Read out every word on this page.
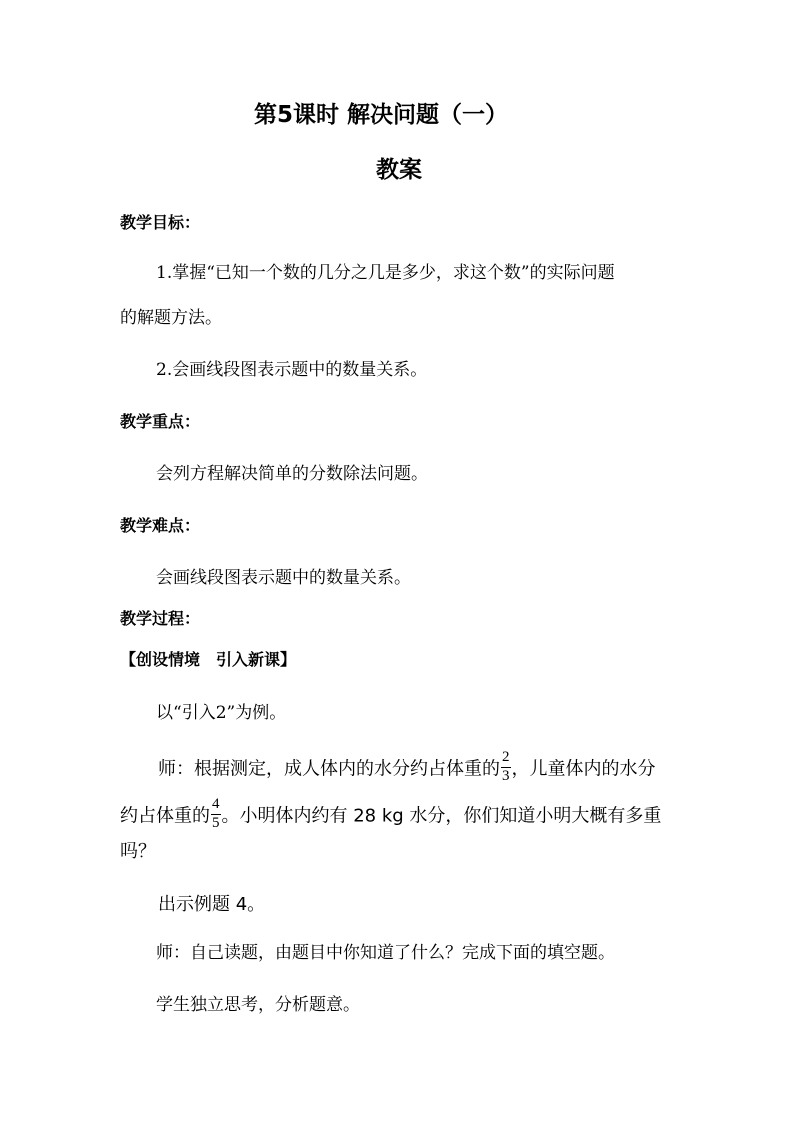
第5课时 解决问题（一）
教案
教学目标：
1.掌握“已知一个数的几分之几是多少，求这个数”的实际问题
的解题方法。
2.会画线段图表示题中的数量关系。
教学重点：
会列方程解决简单的分数除法问题。
教学难点：
会画线段图表示题中的数量关系。
教学过程：
【创设情境　引入新课】
以“引入2”为例。
师：根据测定，成人体内的水分约占体重的 $\frac{2}{3}$ ，儿童体内的水分
约占体重的 $\frac{4}{5}$ 。小明体内约有 28 kg 水分，你们知道小明大概有多重
吗？
出示例题 4。
师：自己读题，由题目中你知道了什么？完成下面的填空题。
学生独立思考，分析题意。
